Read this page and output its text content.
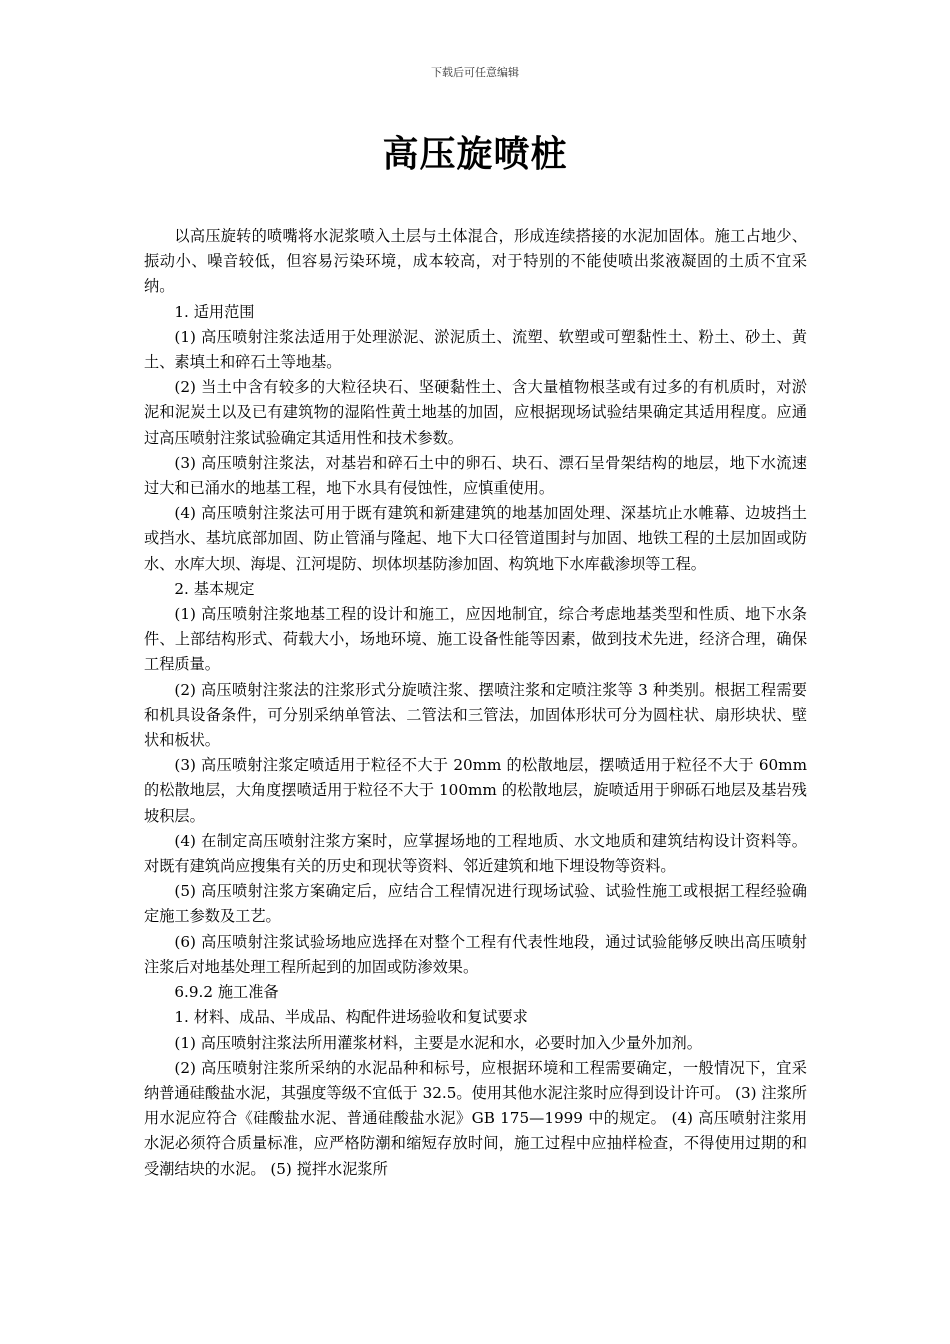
下载后可任意编辑
高压旋喷桩

以高压旋转的喷嘴将水泥浆喷入土层与土体混合，形成连续搭接的水泥加固体。施工占地少、振动小、噪音较低，但容易污染环境，成本较高，对于特别的不能使喷出浆液凝固的土质不宜采纳。

1. 适用范围

(1) 高压喷射注浆法适用于处理淤泥、淤泥质土、流塑、软塑或可塑黏性土、粉土、砂土、黄土、素填土和碎石土等地基。

(2) 当土中含有较多的大粒径块石、坚硬黏性土、含大量植物根茎或有过多的有机质时，对淤泥和泥炭土以及已有建筑物的湿陷性黄土地基的加固，应根据现场试验结果确定其适用程度。应通过高压喷射注浆试验确定其适用性和技术参数。

(3) 高压喷射注浆法，对基岩和碎石土中的卵石、块石、漂石呈骨架结构的地层，地下水流速过大和已涌水的地基工程，地下水具有侵蚀性，应慎重使用。

(4) 高压喷射注浆法可用于既有建筑和新建建筑的地基加固处理、深基坑止水帷幕、边坡挡土或挡水、基坑底部加固、防止管涌与隆起、地下大口径管道围封与加固、地铁工程的土层加固或防水、水库大坝、海堤、江河堤防、坝体坝基防渗加固、构筑地下水库截渗坝等工程。

2. 基本规定

(1) 高压喷射注浆地基工程的设计和施工，应因地制宜，综合考虑地基类型和性质、地下水条件、上部结构形式、荷载大小，场地环境、施工设备性能等因素，做到技术先进，经济合理，确保工程质量。

(2) 高压喷射注浆法的注浆形式分旋喷注浆、摆喷注浆和定喷注浆等 3 种类别。根据工程需要和机具设备条件，可分别采纳单管法、二管法和三管法，加固体形状可分为圆柱状、扇形块状、壁状和板状。

(3) 高压喷射注浆定喷适用于粒径不大于 20mm 的松散地层，摆喷适用于粒径不大于 60mm 的松散地层，大角度摆喷适用于粒径不大于 100mm 的松散地层，旋喷适用于卵砾石地层及基岩残坡积层。

(4) 在制定高压喷射注浆方案时，应掌握场地的工程地质、水文地质和建筑结构设计资料等。对既有建筑尚应搜集有关的历史和现状等资料、邻近建筑和地下埋设物等资料。

(5) 高压喷射注浆方案确定后，应结合工程情况进行现场试验、试验性施工或根据工程经验确定施工参数及工艺。

(6) 高压喷射注浆试验场地应选择在对整个工程有代表性地段，通过试验能够反映出高压喷射注浆后对地基处理工程所起到的加固或防渗效果。

6.9.2 施工准备

1. 材料、成品、半成品、构配件进场验收和复试要求

(1) 高压喷射注浆法所用灌浆材料，主要是水泥和水，必要时加入少量外加剂。

(2) 高压喷射注浆所采纳的水泥品种和标号，应根据环境和工程需要确定，一般情况下，宜采纳普通硅酸盐水泥，其强度等级不宜低于 32.5。使用其他水泥注浆时应得到设计许可。 (3) 注浆所用水泥应符合《硅酸盐水泥、普通硅酸盐水泥》GB 175—1999 中的规定。 (4) 高压喷射注浆用水泥必须符合质量标准，应严格防潮和缩短存放时间，施工过程中应抽样检查，不得使用过期的和受潮结块的水泥。 (5) 搅拌水泥浆所
